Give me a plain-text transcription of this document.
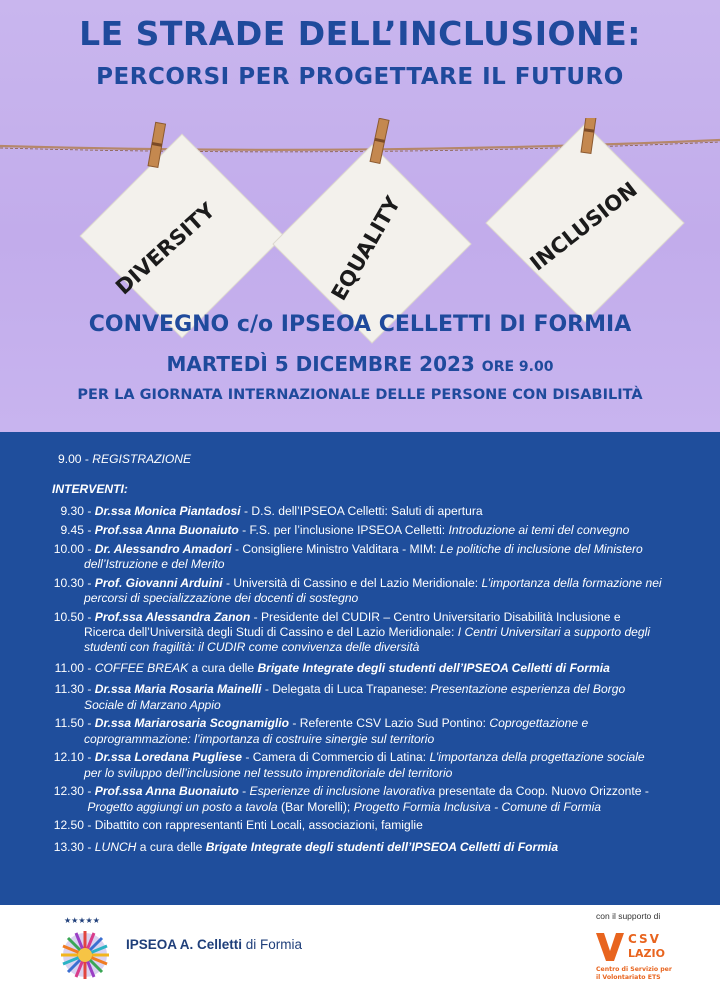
LE STRADE DELL’INCLUSIONE:
PERCORSI PER PROGETTARE IL FUTURO
DIVERSITY	EQUALITY	INCLUSION
CONVEGNO c/o IPSEOA CELLETTI DI FORMIA
MARTEDÌ 5 DICEMBRE 2023 ORE 9.00
PER LA GIORNATA INTERNAZIONALE DELLE PERSONE CON DISABILITÀ
9.00 - REGISTRAZIONE
INTERVENTI:
9.30 - Dr.ssa Monica Piantadosi - D.S. dell’IPSEOA Celletti: Saluti di apertura
9.45 - Prof.ssa Anna Buonaiuto - F.S. per l’inclusione IPSEOA Celletti: Introduzione ai temi del convegno
10.00 - Dr. Alessandro Amadori - Consigliere Ministro Valditara - MIM: Le politiche di inclusione del Ministero dell’Istruzione e del Merito
10.30 - Prof. Giovanni Arduini - Università di Cassino e del Lazio Meridionale: L’importanza della formazione nei percorsi di specializzazione dei docenti di sostegno
10.50 - Prof.ssa Alessandra Zanon - Presidente del CUDIR – Centro Universitario Disabilità Inclusione e Ricerca dell’Università degli Studi di Cassino e del Lazio Meridionale: I Centri Universitari a supporto degli studenti con fragilità: il CUDIR come convivenza delle diversità
11.00 - COFFEE BREAK a cura delle Brigate Integrate degli studenti dell’IPSEOA Celletti di Formia
11.30 - Dr.ssa Maria Rosaria Mainelli - Delegata di Luca Trapanese: Presentazione esperienza del Borgo Sociale di Marzano Appio
11.50 - Dr.ssa Mariarosaria Scognamiglio - Referente CSV Lazio Sud Pontino: Coprogettazione e coprogrammazione: l’importanza di costruire sinergie sul territorio
12.10 - Dr.ssa Loredana Pugliese - Camera di Commercio di Latina: L’importanza della progettazione sociale per lo sviluppo dell’inclusione nel tessuto imprenditoriale del territorio
12.30 - Prof.ssa Anna Buonaiuto - Esperienze di inclusione lavorativa presentate da Coop. Nuovo Orizzonte - Progetto aggiungi un posto a tavola (Bar Morelli); Progetto Formia Inclusiva - Comune di Formia
12.50 - Dibattito con rappresentanti Enti Locali, associazioni, famiglie
13.30 - LUNCH a cura delle Brigate Integrate degli studenti dell’IPSEOA Celletti di Formia
★★★★★
IPSEOA A. Celletti di Formia
con il supporto di
CSV
LAZIO
Centro di Servizio per
il Volontariato ETS
